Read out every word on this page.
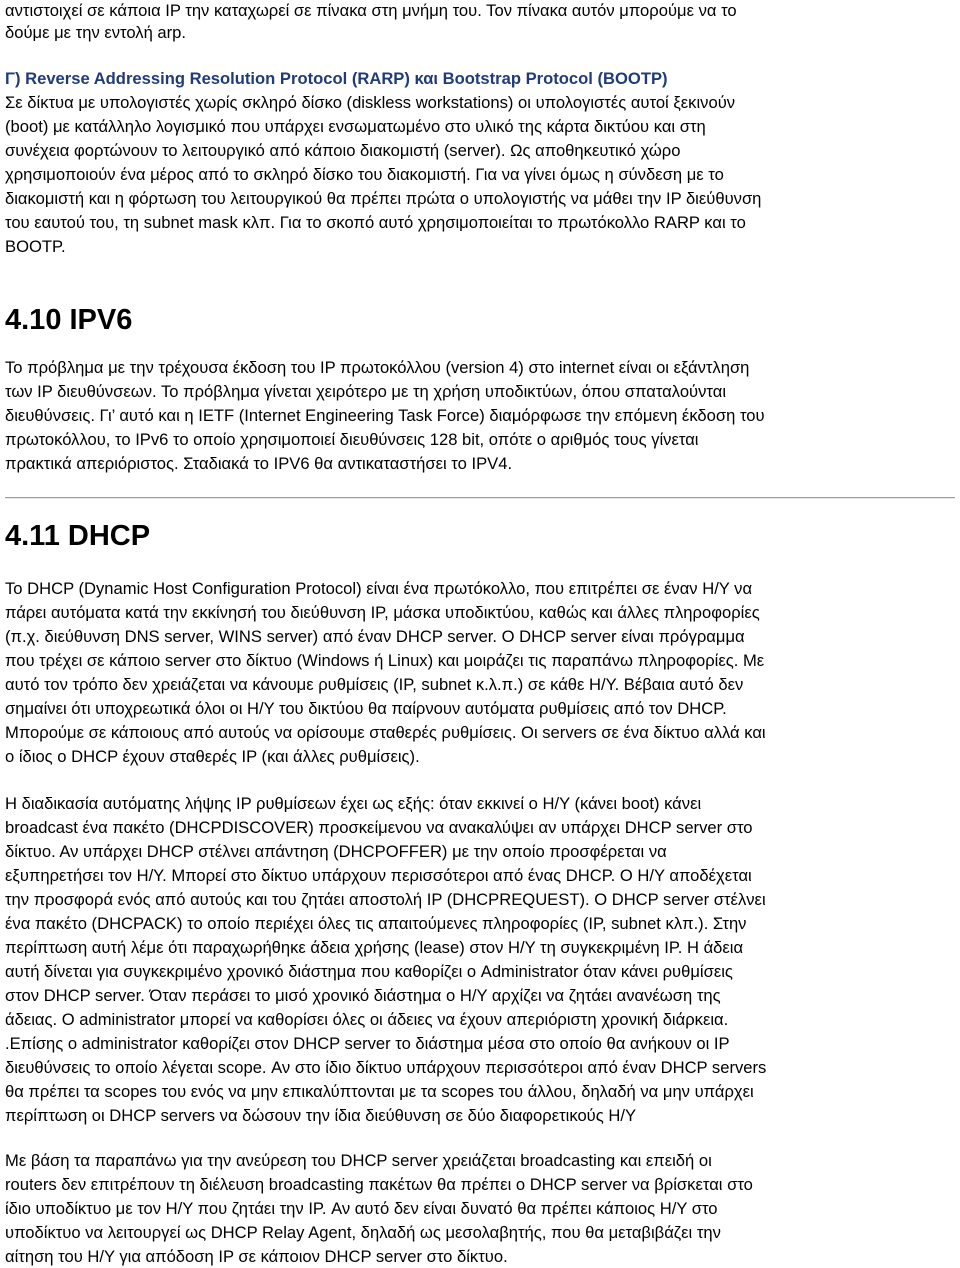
αντιστοιχεί σε κάποια IP την καταχωρεί σε πίνακα στη μνήμη του. Τον πίνακα αυτόν μπορούμε να το
δούμε με την εντολή arp.
Γ) Reverse Addressing Resolution Protocol (RARP) και Bootstrap Protocol (BOOTP)
Σε δίκτυα με υπολογιστές χωρίς σκληρό δίσκο (diskless workstations) οι υπολογιστές αυτοί ξεκινούν
(boot) με κατάλληλο λογισμικό που υπάρχει ενσωματωμένο στο υλικό της κάρτα δικτύου και στη
συνέχεια φορτώνουν το λειτουργικό από κάποιο διακομιστή (server). Ως αποθηκευτικό χώρο
χρησιμοποιούν ένα μέρος από το σκληρό δίσκο του διακομιστή. Για να γίνει όμως η σύνδεση με το
διακομιστή και η φόρτωση του λειτουργικού θα πρέπει πρώτα ο υπολογιστής να μάθει την IP διεύθυνση
του εαυτού του, τη subnet mask κλπ. Για το σκοπό αυτό χρησιμοποιείται το πρωτόκολλο RARP και το
BOOTP.
4.10 IPV6
Το πρόβλημα με την τρέχουσα έκδοση του IP πρωτοκόλλου (version 4) στο internet είναι οι εξάντληση
των IP διευθύνσεων. Το πρόβλημα γίνεται χειρότερο με τη χρήση υποδικτύων, όπου σπαταλούνται
διευθύνσεις. Γι’ αυτό και η IETF (Internet Engineering Task Force) διαμόρφωσε την επόμενη έκδοση του
πρωτοκόλλου, το IPv6 το οποίο χρησιμοποιεί διευθύνσεις 128 bit, οπότε ο αριθμός τους γίνεται
πρακτικά απεριόριστος. Σταδιακά το IPV6 θα αντικαταστήσει το IPV4.
4.11 DHCP
Το DHCP (Dynamic Host Configuration Protocol) είναι ένα πρωτόκολλο, που επιτρέπει σε έναν Η/Υ να
πάρει αυτόματα κατά την εκκίνησή του διεύθυνση IP, μάσκα υποδικτύου, καθώς και άλλες πληροφορίες
(π.χ. διεύθυνση DNS server, WINS server) από έναν DHCP server. Ο DHCP server είναι πρόγραμμα
που τρέχει σε κάποιο server στο δίκτυο (Windows ή Linux) και μοιράζει τις παραπάνω πληροφορίες. Με
αυτό τον τρόπο δεν χρειάζεται να κάνουμε ρυθμίσεις (IP, subnet κ.λ.π.) σε κάθε Η/Υ. Βέβαια αυτό δεν
σημαίνει ότι υποχρεωτικά όλοι οι Η/Υ του δικτύου θα παίρνουν αυτόματα ρυθμίσεις από τον DHCP.
Μπορούμε σε κάποιους από αυτούς να ορίσουμε σταθερές ρυθμίσεις. Οι servers σε ένα δίκτυο αλλά και
ο ίδιος ο DHCP έχουν σταθερές IP (και άλλες ρυθμίσεις).
Η διαδικασία αυτόματης λήψης IP ρυθμίσεων έχει ως εξής: όταν εκκινεί ο Η/Υ (κάνει boot) κάνει
broadcast ένα πακέτο (DHCPDISCOVER) προσκείμενου να ανακαλύψει αν υπάρχει DHCP server στο
δίκτυο. Αν υπάρχει DHCP στέλνει απάντηση (DHCPOFFER) με την οποίο προσφέρεται να
εξυπηρετήσει τον Η/Υ. Μπορεί στο δίκτυο υπάρχουν περισσότεροι από ένας DHCP. Ο Η/Υ αποδέχεται
την προσφορά ενός από αυτούς και του ζητάει αποστολή IP (DHCPREQUEST). O DHCP server στέλνει
ένα πακέτο (DHCPACK) το οποίο περιέχει όλες τις απαιτούμενες πληροφορίες (IP, subnet κλπ.). Στην
περίπτωση αυτή λέμε ότι παραχωρήθηκε άδεια χρήσης (lease) στον Η/Υ τη συγκεκριμένη IP. Η άδεια
αυτή δίνεται για συγκεκριμένο χρονικό διάστημα που καθορίζει ο Administrator όταν κάνει ρυθμίσεις
στον DHCP server. Όταν περάσει το μισό χρονικό διάστημα ο Η/Υ αρχίζει να ζητάει ανανέωση της
άδειας. O administrator μπορεί να καθορίσει όλες οι άδειες να έχουν απεριόριστη χρονική διάρκεια.
.Επίσης ο administrator καθορίζει στον DHCP server το διάστημα μέσα στο οποίο θα ανήκουν οι IP
διευθύνσεις το οποίο λέγεται scope. Αν στο ίδιο δίκτυο υπάρχουν περισσότεροι από έναν DHCP servers
θα πρέπει τα scopes του ενός να μην επικαλύπτονται με τα scopes του άλλου, δηλαδή να μην υπάρχει
περίπτωση οι DHCP servers να δώσουν την ίδια διεύθυνση σε δύο διαφορετικούς Η/Υ
Με βάση τα παραπάνω για την ανεύρεση του DHCP server χρειάζεται broadcasting και επειδή οι
routers δεν επιτρέπουν τη διέλευση broadcasting πακέτων θα πρέπει ο DHCP server να βρίσκεται στο
ίδιο υποδίκτυο με τον Η/Υ που ζητάει την IP. Αν αυτό δεν είναι δυνατό θα πρέπει κάποιος Η/Υ στο
υποδίκτυο να λειτουργεί ως DHCP Relay Agent, δηλαδή ως μεσολαβητής, που θα μεταβιβάζει την
αίτηση του Η/Υ για απόδοση IP σε κάποιον DHCP server στο δίκτυο.
